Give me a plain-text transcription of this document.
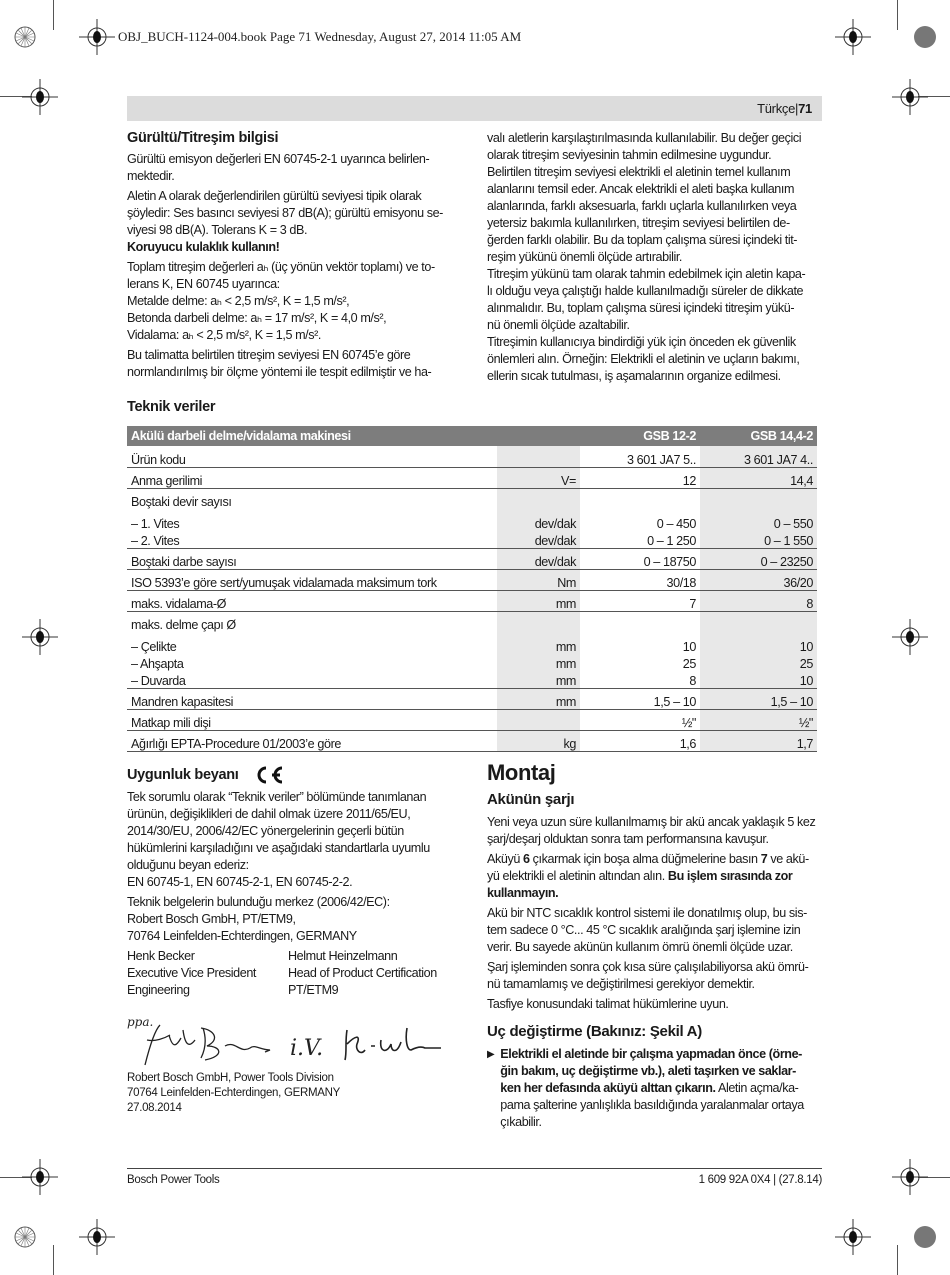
OBJ_BUCH-1124-004.book Page 71 Wednesday, August 27, 2014 11:05 AM
Türkçe|71
Gürültü/Titreşim bilgisi

Gürültü emisyon değerleri EN 60745-2-1 uyarınca belirlen-
mektedir.

Aletin A olarak değerlendirilen gürültü seviyesi tipik olarak
şöyledir: Ses basıncı seviyesi 87 dB(A); gürültü emisyonu se-
viyesi 98 dB(A). Tolerans K = 3 dB.

Koruyucu kulaklık kullanın!

Toplam titreşim değerleri aₕ (üç yönün vektör toplamı) ve to-
lerans K, EN 60745 uyarınca:
Metalde delme: aₕ < 2,5 m/s², K = 1,5 m/s²,
Betonda darbeli delme: aₕ = 17 m/s², K = 4,0 m/s²,
Vidalama: aₕ < 2,5 m/s², K = 1,5 m/s².

Bu talimatta belirtilen titreşim seviyesi EN 60745’e göre
normlandırılmış bir ölçme yöntemi ile tespit edilmiştir ve ha-

valı aletlerin karşılaştırılmasında kullanılabilir. Bu değer geçici
olarak titreşim seviyesinin tahmin edilmesine uygundur.
Belirtilen titreşim seviyesi elektrikli el aletinin temel kullanım
alanlarını temsil eder. Ancak elektrikli el aleti başka kullanım
alanlarında, farklı aksesuarla, farklı uçlarla kullanılırken veya
yetersiz bakımla kullanılırken, titreşim seviyesi belirtilen de-
ğerden farklı olabilir. Bu da toplam çalışma süresi içindeki tit-
reşim yükünü önemli ölçüde artırabilir.
Titreşim yükünü tam olarak tahmin edebilmek için aletin kapa-
lı olduğu veya çalıştığı halde kullanılmadığı süreler de dikkate
alınmalıdır. Bu, toplam çalışma süresi içindeki titreşim yükü-
nü önemli ölçüde azaltabilir.
Titreşimin kullanıcıya bindirdiği yük için önceden ek güvenlik
önlemleri alın. Örneğin: Elektrikli el aletinin ve uçların bakımı,
ellerin sıcak tutulması, iş aşamalarının organize edilmesi.

Teknik veriler
Akülü darbeli delme/vidalama makinesi		GSB 12-2	GSB 14,4-2
Ürün kodu		3 601 JA7 5..	3 601 JA7 4..
Anma gerilimi	V=	12	14,4
Boştaki devir sayısı			
– 1. Vites	dev/dak	0 – 450	0 – 550
– 2. Vites	dev/dak	0 – 1 250	0 – 1 550
Boştaki darbe sayısı	dev/dak	0 – 18750	0 – 23250
ISO 5393’e göre sert/yumuşak vidalamada maksimum tork	Nm	30/18	36/20
maks. vidalama-Ø	mm	7	8
maks. delme çapı Ø			
– Çelikte	mm	10	10
– Ahşapta	mm	25	25
– Duvarda	mm	8	10
Mandren kapasitesi	mm	1,5 – 10	1,5 – 10
Matkap mili dişi		½"	½"
Ağırlığı EPTA-Procedure 01/2003’e göre	kg	1,6	1,7
Uygunluk beyanı

Tek sorumlu olarak “Teknik veriler” bölümünde tanımlanan
ürünün, değişiklikleri de dahil olmak üzere 2011/65/EU,
2014/30/EU, 2006/42/EC yönergelerinin geçerli bütün
hükümlerini karşıladığını ve aşağıdaki standartlarla uyumlu
olduğunu beyan ederiz:
EN 60745-1, EN 60745-2-1, EN 60745-2-2.

Teknik belgelerin bulunduğu merkez (2006/42/EC):
Robert Bosch GmbH, PT/ETM9,
70764 Leinfelden-Echterdingen, GERMANY

Henk Becker
Executive Vice President
Engineering

Helmut Heinzelmann
Head of Product Certification
PT/ETM9

ppa.
i.V.
Robert Bosch GmbH, Power Tools Division
70764 Leinfelden-Echterdingen, GERMANY
27.08.2014
Montaj
Akünün şarjı

Yeni veya uzun süre kullanılmamış bir akü ancak yaklaşık 5 kez
şarj/deşarj olduktan sonra tam performansına kavuşur.

Aküyü 6 çıkarmak için boşa alma düğmelerine basın 7 ve akü-
yü elektrikli el aletinin altından alın. Bu işlem sırasında zor
kullanmayın.

Akü bir NTC sıcaklık kontrol sistemi ile donatılmış olup, bu sis-
tem sadece 0 °C... 45 °C sıcaklık aralığında şarj işlemine izin
verir. Bu sayede akünün kullanım ömrü önemli ölçüde uzar.

Şarj işleminden sonra çok kısa süre çalışılabiliyorsa akü ömrü-
nü tamamlamış ve değiştirilmesi gerekiyor demektir.

Tasfiye konusundaki talimat hükümlerine uyun.

Uç değiştirme (Bakınız: Şekil A)
▶ Elektrikli el aletinde bir çalışma yapmadan önce (örne-
ğin bakım, uç değiştirme vb.), aleti taşırken ve saklar-
ken her defasında aküyü alttan çıkarın. Aletin açma/ka-
pama şalterine yanlışlıkla basıldığında yaralanmalar ortaya
çıkabilir.

Bosch Power Tools	1 609 92A 0X4 | (27.8.14)
